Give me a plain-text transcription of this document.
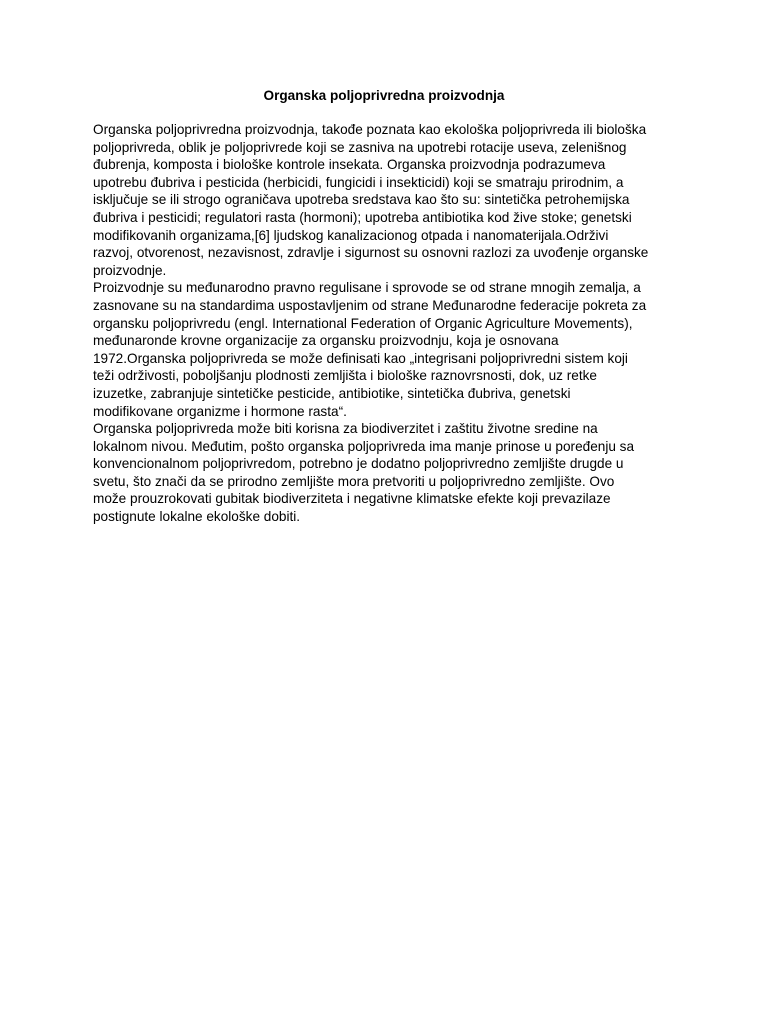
Organska poljoprivredna proizvodnja

Organska poljoprivredna proizvodnja, takođe poznata kao ekološka poljoprivreda ili biološka
poljoprivreda, oblik je poljoprivrede koji se zasniva na upotrebi rotacije useva, zelenišnog
đubrenja, komposta i biološke kontrole insekata. Organska proizvodnja podrazumeva
upotrebu đubriva i pesticida (herbicidi, fungicidi i insekticidi) koji se smatraju prirodnim, a
isključuje se ili strogo ograničava upotreba sredstava kao što su: sintetička petrohemijska
đubriva i pesticidi; regulatori rasta (hormoni); upotreba antibiotika kod žive stoke; genetski
modifikovanih organizama,[6] ljudskog kanalizacionog otpada i nanomaterijala.Održivi
razvoj, otvorenost, nezavisnost, zdravlje i sigurnost su osnovni razlozi za uvođenje organske
proizvodnje.

Proizvodnje su međunarodno pravno regulisane i sprovode se od strane mnogih zemalja, a
zasnovane su na standardima uspostavljenim od strane Međunarodne federacije pokreta za
organsku poljoprivredu (engl. International Federation of Organic Agriculture Movements),
međunaronde krovne organizacije za organsku proizvodnju, koja je osnovana
1972.Organska poljoprivreda se može definisati kao „integrisani poljoprivredni sistem koji
teži održivosti, poboljšanju plodnosti zemljišta i biološke raznovrsnosti, dok, uz retke
izuzetke, zabranjuje sintetičke pesticide, antibiotike, sintetička đubriva, genetski
modifikovane organizme i hormone rasta“.

Organska poljoprivreda može biti korisna za biodiverzitet i zaštitu životne sredine na
lokalnom nivou. Međutim, pošto organska poljoprivreda ima manje prinose u poređenju sa
konvencionalnom poljoprivredom, potrebno je dodatno poljoprivredno zemljište drugde u
svetu, što znači da se prirodno zemljište mora pretvoriti u poljoprivredno zemljište. Ovo
može prouzrokovati gubitak biodiverziteta i negativne klimatske efekte koji prevazilaze
postignute lokalne ekološke dobiti.
